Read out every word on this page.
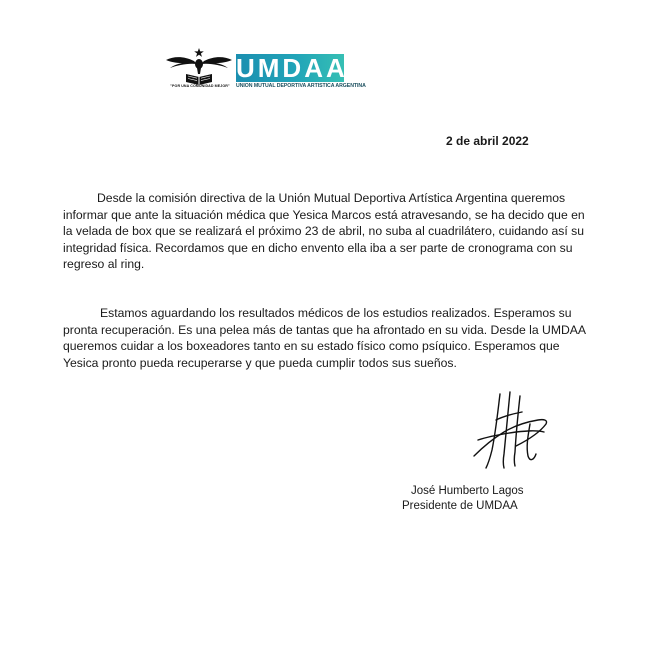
"POR UNA COMUNIDAD MEJOR"
UMDAA
UNION MUTUAL DEPORTIVA ARTISTICA ARGENTINA
2 de abril 2022

Desde la comisión directiva de la Unión Mutual Deportiva Artística Argentina queremos
informar que ante la situación médica que Yesica Marcos está atravesando, se ha decido que en
la velada de box que se realizará el próximo 23 de abril, no suba al cuadrilátero, cuidando así su
integridad física. Recordamos que en dicho envento ella iba a ser parte de cronograma con su
regreso al ring.

Estamos aguardando los resultados médicos de los estudios realizados. Esperamos su
pronta recuperación. Es una pelea más de tantas que ha afrontado en su vida. Desde la UMDAA
queremos cuidar a los boxeadores tanto en su estado físico como psíquico. Esperamos que
Yesica pronto pueda recuperarse y que pueda cumplir todos sus sueños.

José Humberto Lagos
Presidente de UMDAA
